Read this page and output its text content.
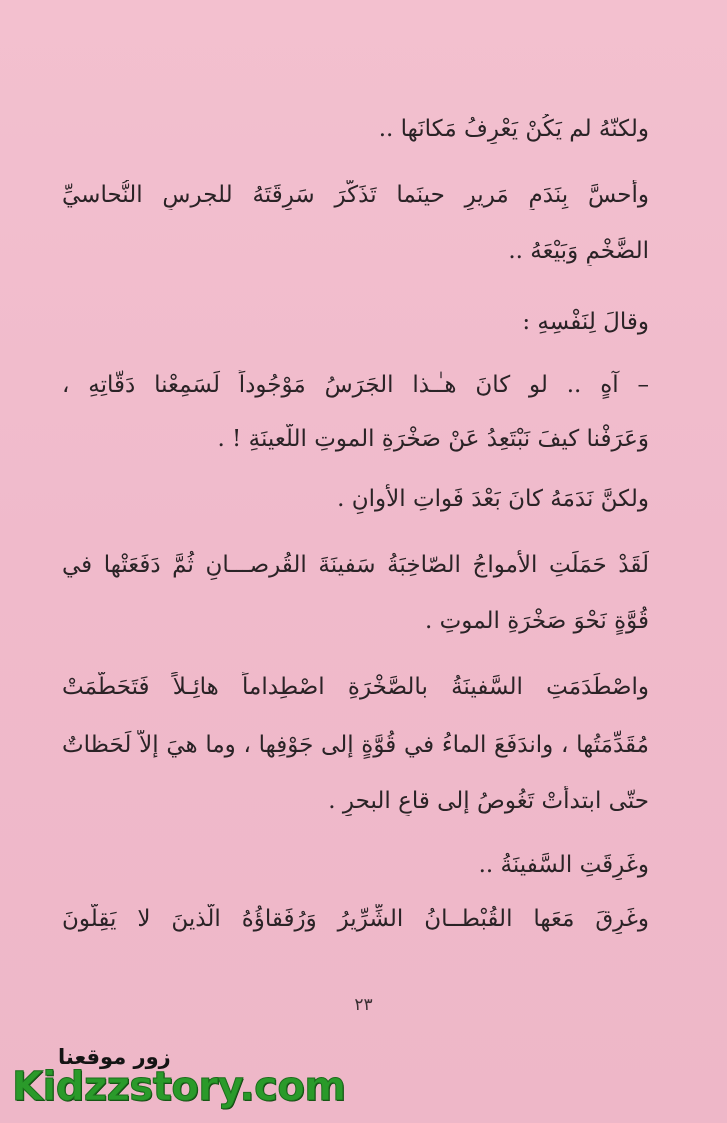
ولكنّهُ لم يَكُنْ يَعْرِفُ مَكانَها ..
وأَحسَّ بِنَدَمٍ مَريرٍ حينَما تَذَكَّرَ سَرِقَتَهُ للجرسِ النُّحاسيِّ
الضَّخْمِ وَبَيْعَهُ ..
وقالَ لِنَفْسِهِ :
– آهٍ .. لو كانَ هـٰـذا الجَرَسُ مَوْجُوداً لَسَمِعْنا دَقّاتِهِ ،
وَعَرَفْنا كيفَ نَبْتَعِدُ عَنْ صَخْرَةِ الموتِ اللّعينَةِ ! .
ولكنَّ نَدَمَهُ كانَ بَعْدَ فَواتِ الأَوانِ .
لَقَدْ حَمَلَتِ الأَمواجُ الصّاخِبَةُ سَفينَةَ القُرصـــانِ ثُمَّ دَفَعَتْها في
قُوَّةٍ نَحْوَ صَخْرَةِ الموتِ .
واصْطَدَمَتِ السَّفينَةُ بالصَّخْرَةِ اصْطِداماً هائِـلاً فَتَحَطَّمَتْ
مُقَدِّمَتُها ، واندَفَعَ الماءُ في قُوَّةٍ إلى جَوْفِها ، وما هيَ إلاّ لَحَظاتٌ
حتّى ابتدأَتْ تَغُوصُ إلى قاعِ البحرِ .
وغَرِقَتِ السَّفينَةُ ..
وغَرِقَ مَعَها القُبْطــانُ الشِّرِّيرُ وَرُفَقاؤُهُ الّذينَ لا يَقِلُّونَ
٢٣
زور موقعنا
Kidzzstory.com
